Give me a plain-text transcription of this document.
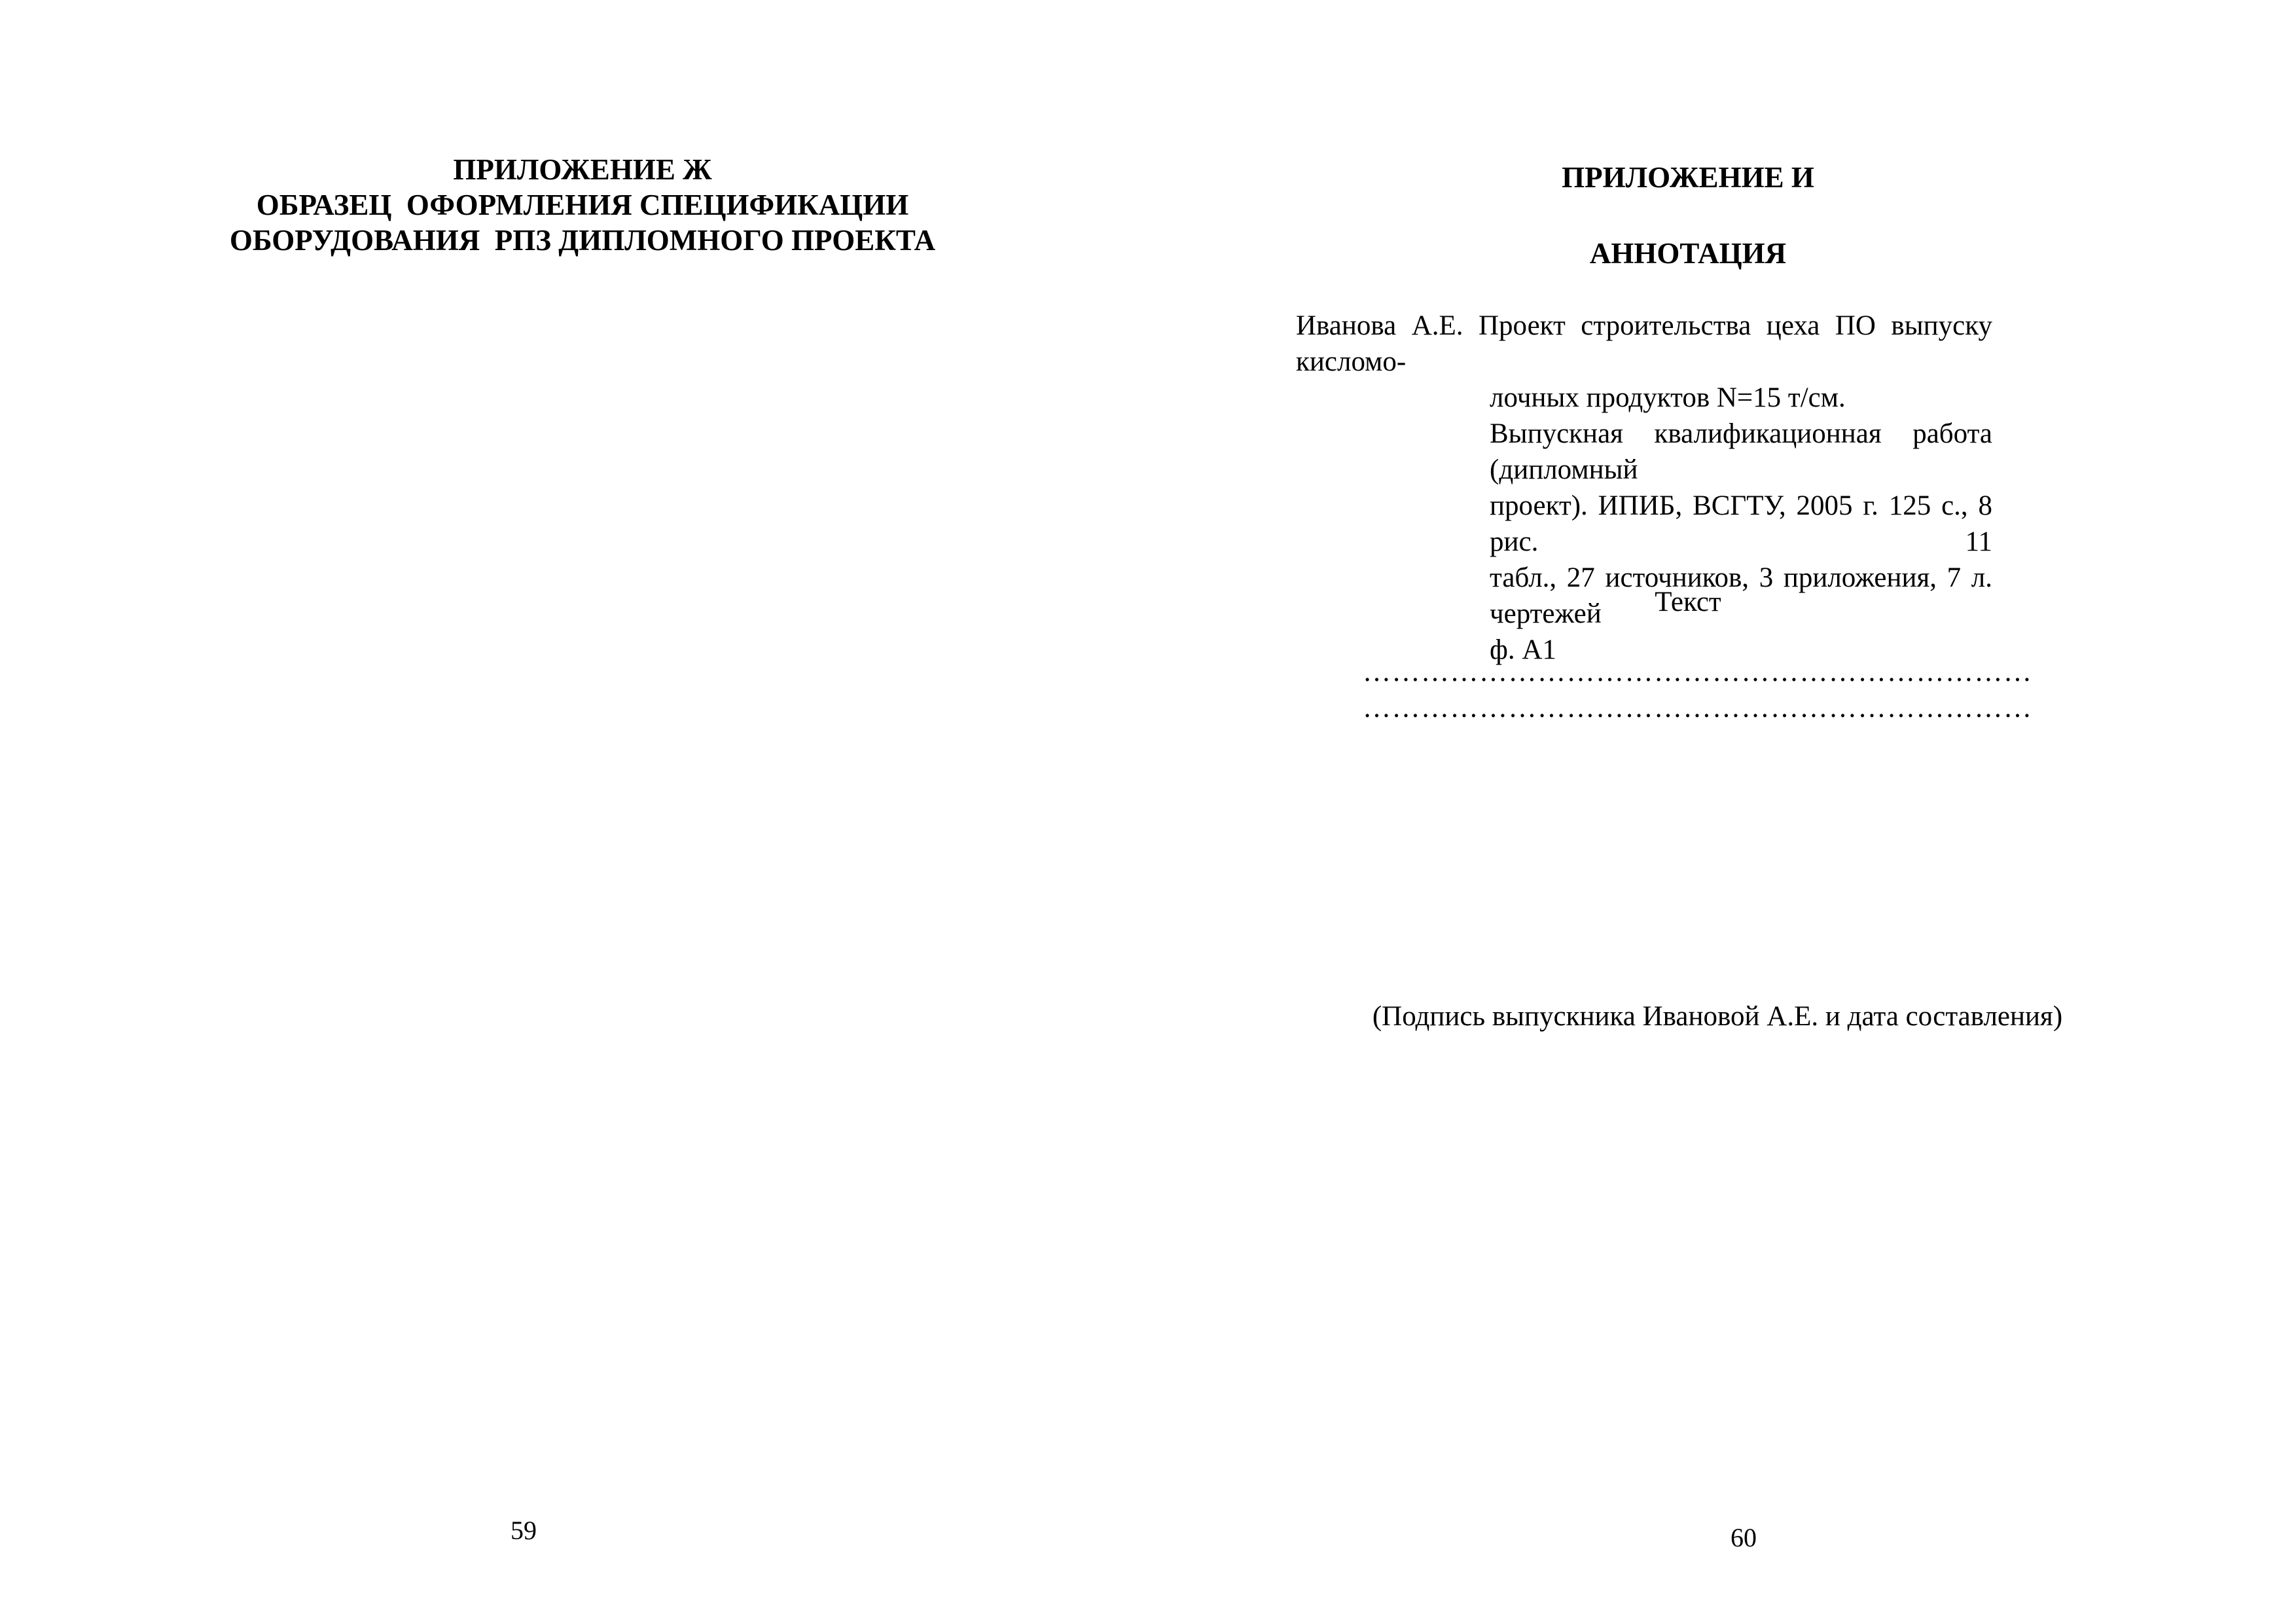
ПРИЛОЖЕНИЕ Ж
ОБРАЗЕЦ  ОФОРМЛЕНИЯ СПЕЦИФИКАЦИИ
ОБОРУДОВАНИЯ  РПЗ ДИПЛОМНОГО ПРОЕКТА
59
ПРИЛОЖЕНИЕ И
АННОТАЦИЯ
Иванова А.Е. Проект строительства цеха ПО выпуску кисломо-
лочных продуктов N=15 т/см.
Выпускная квалификационная работа (дипломный
проект). ИПИБ, ВСГТУ, 2005 г. 125 с., 8 рис. 11
табл., 27 источников, 3 приложения, 7 л. чертежей
ф. А1
Текст
……………………………………………………………
……………………………………………………………
(Подпись выпускника Ивановой А.Е. и дата составления)
60
